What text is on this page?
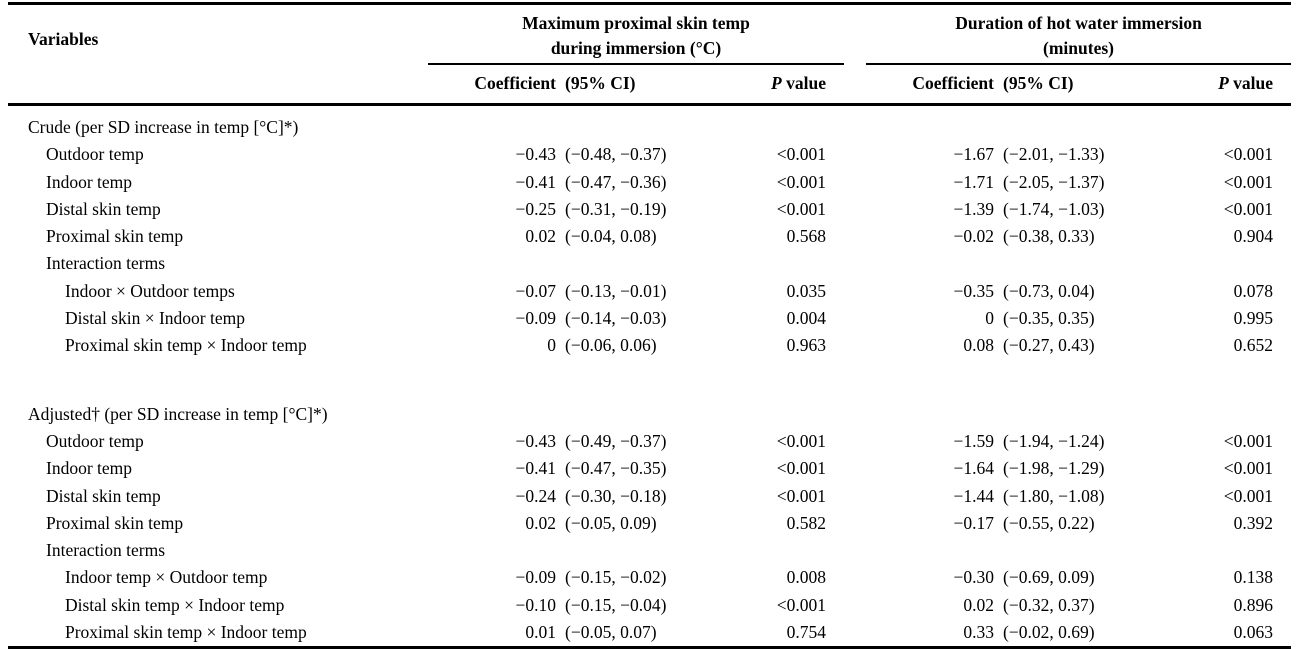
Variables	Maximum proximal skin temp
during immersion (°C)				Duration of hot water immersion
(minutes)		

	Coefficient	(95% CI)	P value		Coefficient	(95% CI)	P value
Crude (per SD increase in temp [°C]*)							
Outdoor temp	−0.43	(−0.48, −0.37)	<0.001		−1.67	(−2.01, −1.33)	<0.001
Indoor temp	−0.41	(−0.47, −0.36)	<0.001		−1.71	(−2.05, −1.37)	<0.001
Distal skin temp	−0.25	(−0.31, −0.19)	<0.001		−1.39	(−1.74, −1.03)	<0.001
Proximal skin temp	0.02	(−0.04, 0.08)	0.568		−0.02	(−0.38, 0.33)	0.904
Interaction terms							
Indoor × Outdoor temps	−0.07	(−0.13, −0.01)	0.035		−0.35	(−0.73, 0.04)	0.078
Distal skin × Indoor temp	−0.09	(−0.14, −0.03)	0.004		0	(−0.35, 0.35)	0.995
Proximal skin temp × Indoor temp	0	(−0.06, 0.06)	0.963		0.08	(−0.27, 0.43)	0.652

Adjusted† (per SD increase in temp [°C]*)							
Outdoor temp	−0.43	(−0.49, −0.37)	<0.001		−1.59	(−1.94, −1.24)	<0.001
Indoor temp	−0.41	(−0.47, −0.35)	<0.001		−1.64	(−1.98, −1.29)	<0.001
Distal skin temp	−0.24	(−0.30, −0.18)	<0.001		−1.44	(−1.80, −1.08)	<0.001
Proximal skin temp	0.02	(−0.05, 0.09)	0.582		−0.17	(−0.55, 0.22)	0.392
Interaction terms							
Indoor temp × Outdoor temp	−0.09	(−0.15, −0.02)	0.008		−0.30	(−0.69, 0.09)	0.138
Distal skin temp × Indoor temp	−0.10	(−0.15, −0.04)	<0.001		0.02	(−0.32, 0.37)	0.896
Proximal skin temp × Indoor temp	0.01	(−0.05, 0.07)	0.754		0.33	(−0.02, 0.69)	0.063
